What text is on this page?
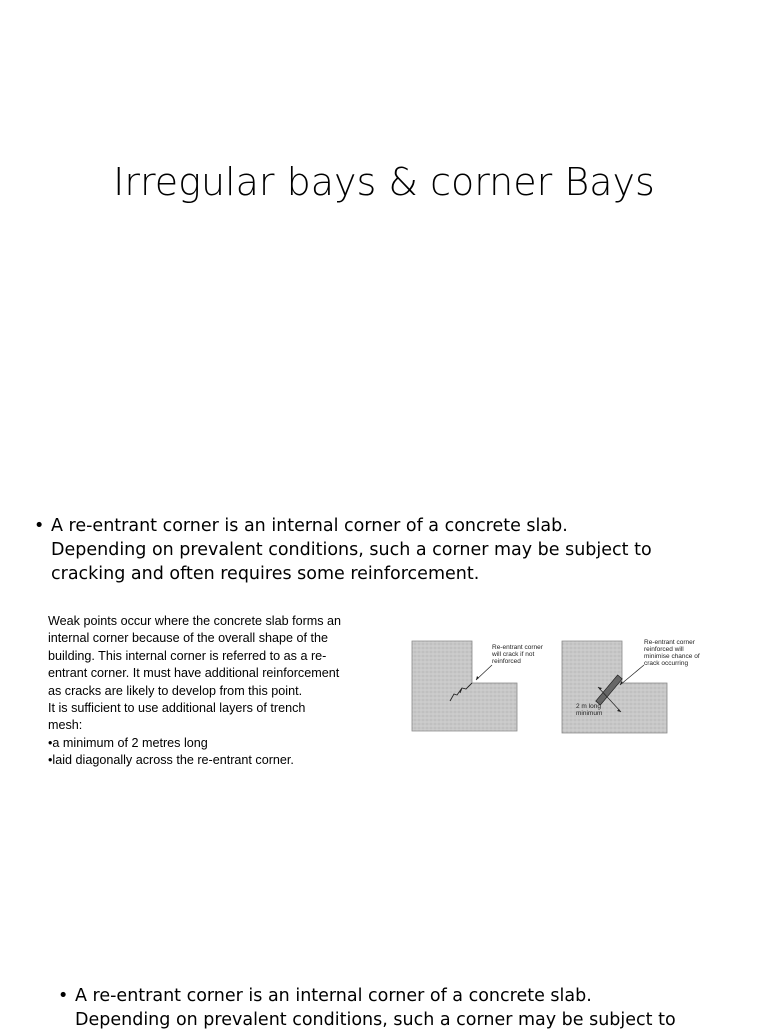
Irregular bays & corner Bays
• A re-entrant corner is an internal corner of a concrete slab.
Depending on prevalent conditions, such a corner may be subject to
cracking and often requires some reinforcement.
Weak points occur where the concrete slab forms an
internal corner because of the overall shape of the
building. This internal corner is referred to as a re-
entrant corner. It must have additional reinforcement
as cracks are likely to develop from this point.
It is sufficient to use additional layers of trench
mesh:
•a minimum of 2 metres long
•laid diagonally across the re-entrant corner.
Re-entrant corner will crack if not reinforced
Re-entrant corner reinforced will minimise chance of crack occurring
2 m long minimum
• A re-entrant corner is an internal corner of a concrete slab.
Depending on prevalent conditions, such a corner may be subject to
